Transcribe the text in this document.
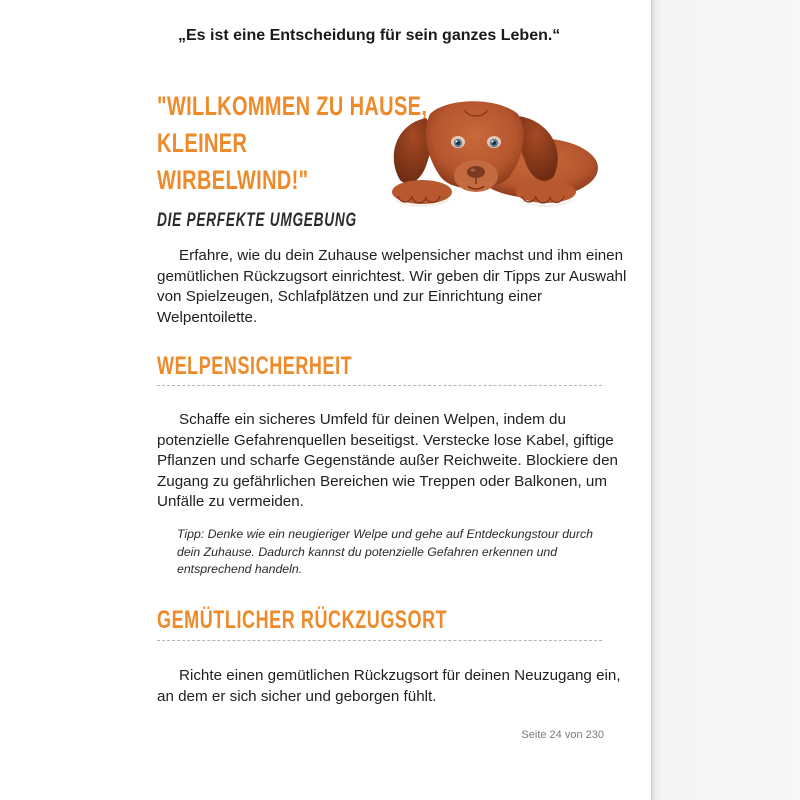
„Es ist eine Entscheidung für sein ganzes Leben.“
"WILLKOMMEN ZU HAUSE,
KLEINER
WIRBELWIND!"
DIE PERFEKTE UMGEBUNG
Erfahre, wie du dein Zuhause welpensicher machst und ihm einen gemütlichen Rückzugsort einrichtest. Wir geben dir Tipps zur Auswahl von Spielzeugen, Schlafplätzen und zur Einrichtung einer Welpentoilette.
WELPENSICHERHEIT
Schaffe ein sicheres Umfeld für deinen Welpen, indem du potenzielle Gefahrenquellen beseitigst. Verstecke lose Kabel, giftige Pflanzen und scharfe Gegenstände außer Reichweite. Blockiere den Zugang zu gefährlichen Bereichen wie Treppen oder Balkonen, um Unfälle zu vermeiden.
Tipp: Denke wie ein neugieriger Welpe und gehe auf Entdeckungstour durch dein Zuhause. Dadurch kannst du potenzielle Gefahren erkennen und entsprechend handeln.
GEMÜTLICHER RÜCKZUGSORT
Richte einen gemütlichen Rückzugsort für deinen Neuzugang ein, an dem er sich sicher und geborgen fühlt.
Seite 24 von 230
